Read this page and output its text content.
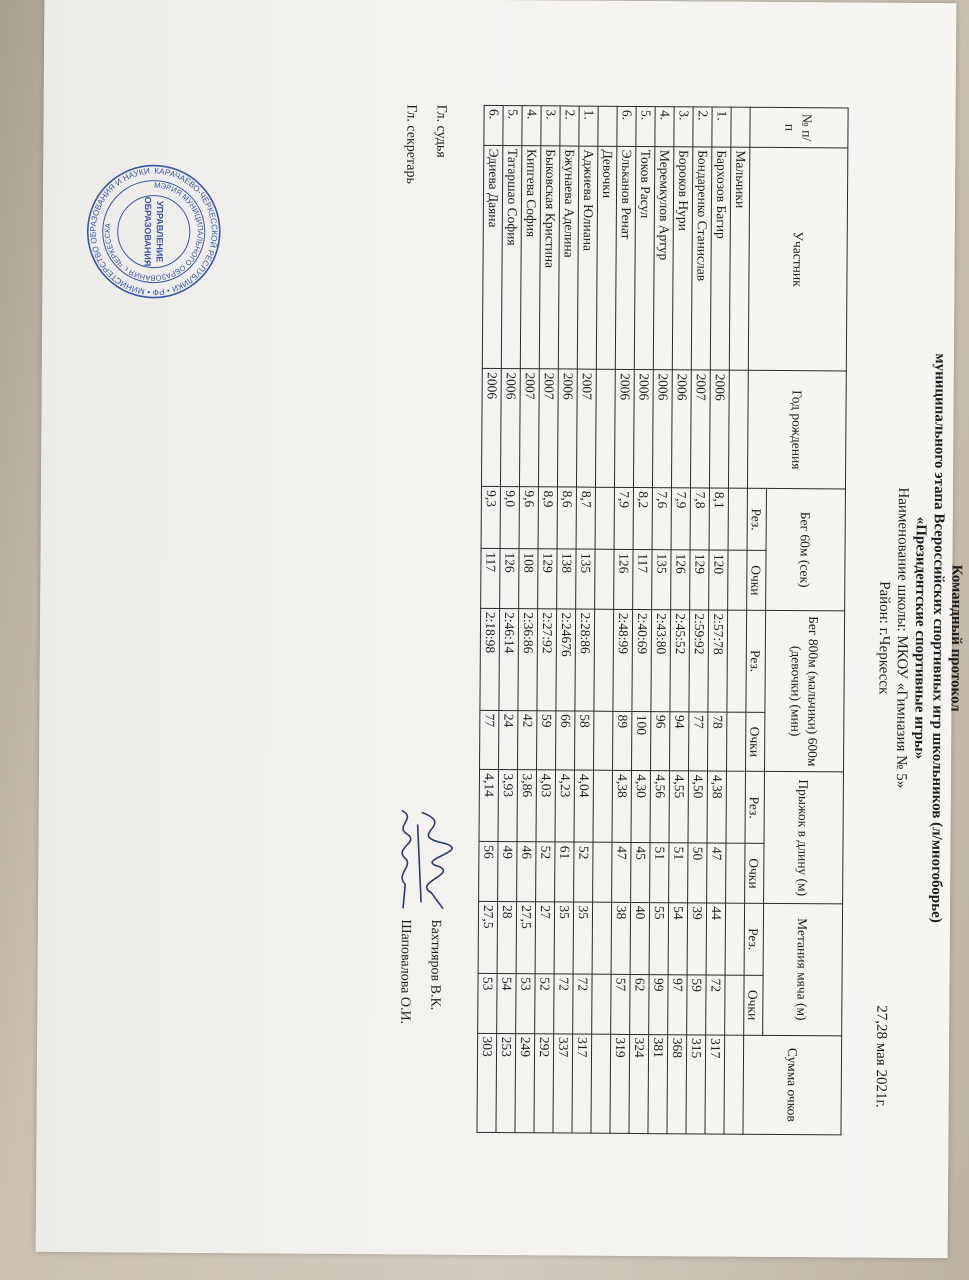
Командный протокол
муниципального этапа Всероссийских спортивных игр школьников (л/многоборье)
«Президентские спортивные игры»
Наименование школы: МКОУ «Гимназия № 5»
Район: г.Черкесск
27,28 мая 2021г.
№ п/п	Участник	Год рождения	Бег 60м (сек)		Бег 800м (мальчики) 600м (девочки) (мин)		Прыжок в длину (м)		Метания мяча (м)		Сумма очков
			Рез.	Очки	Рез.	Очки	Рез.	Очки	Рез.	Очки	
	Мальчики										
1.	Бархозов Багир	2006	8,1	120	2:57:78	78	4,38	47	44	72	317
2.	Бондаренко Станислав	2007	7,8	129	2:59:92	77	4,50	50	39	59	315
3.	Бороков Нури	2006	7,9	126	2:45:52	94	4,55	51	54	97	368
4.	Меремкулов Артур	2006	7,6	135	2:43:80	96	4,56	51	55	99	381
5.	Токов Расул	2006	8,2	117	2:40:69	100	4,30	45	40	62	324
6.	Эльканов Ренат	2006	7,9	126	2:48:99	89	4,38	47	38	57	319
	Девочки										
1.	Аджиева Юлиана	2007	8,7	135	2:28:86	58	4,04	52	35	72	317
2.	Бжунаева Аделина	2006	8,6	138	2:24676	66	4,23	61	35	72	337
3.	Быковская Кристина	2007	8,9	129	2:27:92	59	4,03	52	27	52	292
4.	Кипгева София	2007	9,6	108	2:36:86	42	3,86	46	27,5	53	249
5.	Татаршао София	2006	9,0	126	2:46:14	24	3,93	49	28	54	253
6.	Эдиева Даяна	2006	9,3	117	2:18:98	77	4,14	56	27,5	53	303
Гл. судья
Бахтияров В.К.
Гл. секретарь
Шаповалова О.И.
КАРАЧАЕВО-ЧЕРКЕССКОЙ РЕСПУБЛИКИ • РФ • МИНИСТЕРСТВО ОБРАЗОВАНИЯ И НАУКИ
МЭРИЯ МУНИЦИПАЛЬНОГО ОБРАЗОВАНИЯ г. ЧЕРКЕССКА	УПРАВЛЕНИЕ
ОБРАЗОВАНИЯ
